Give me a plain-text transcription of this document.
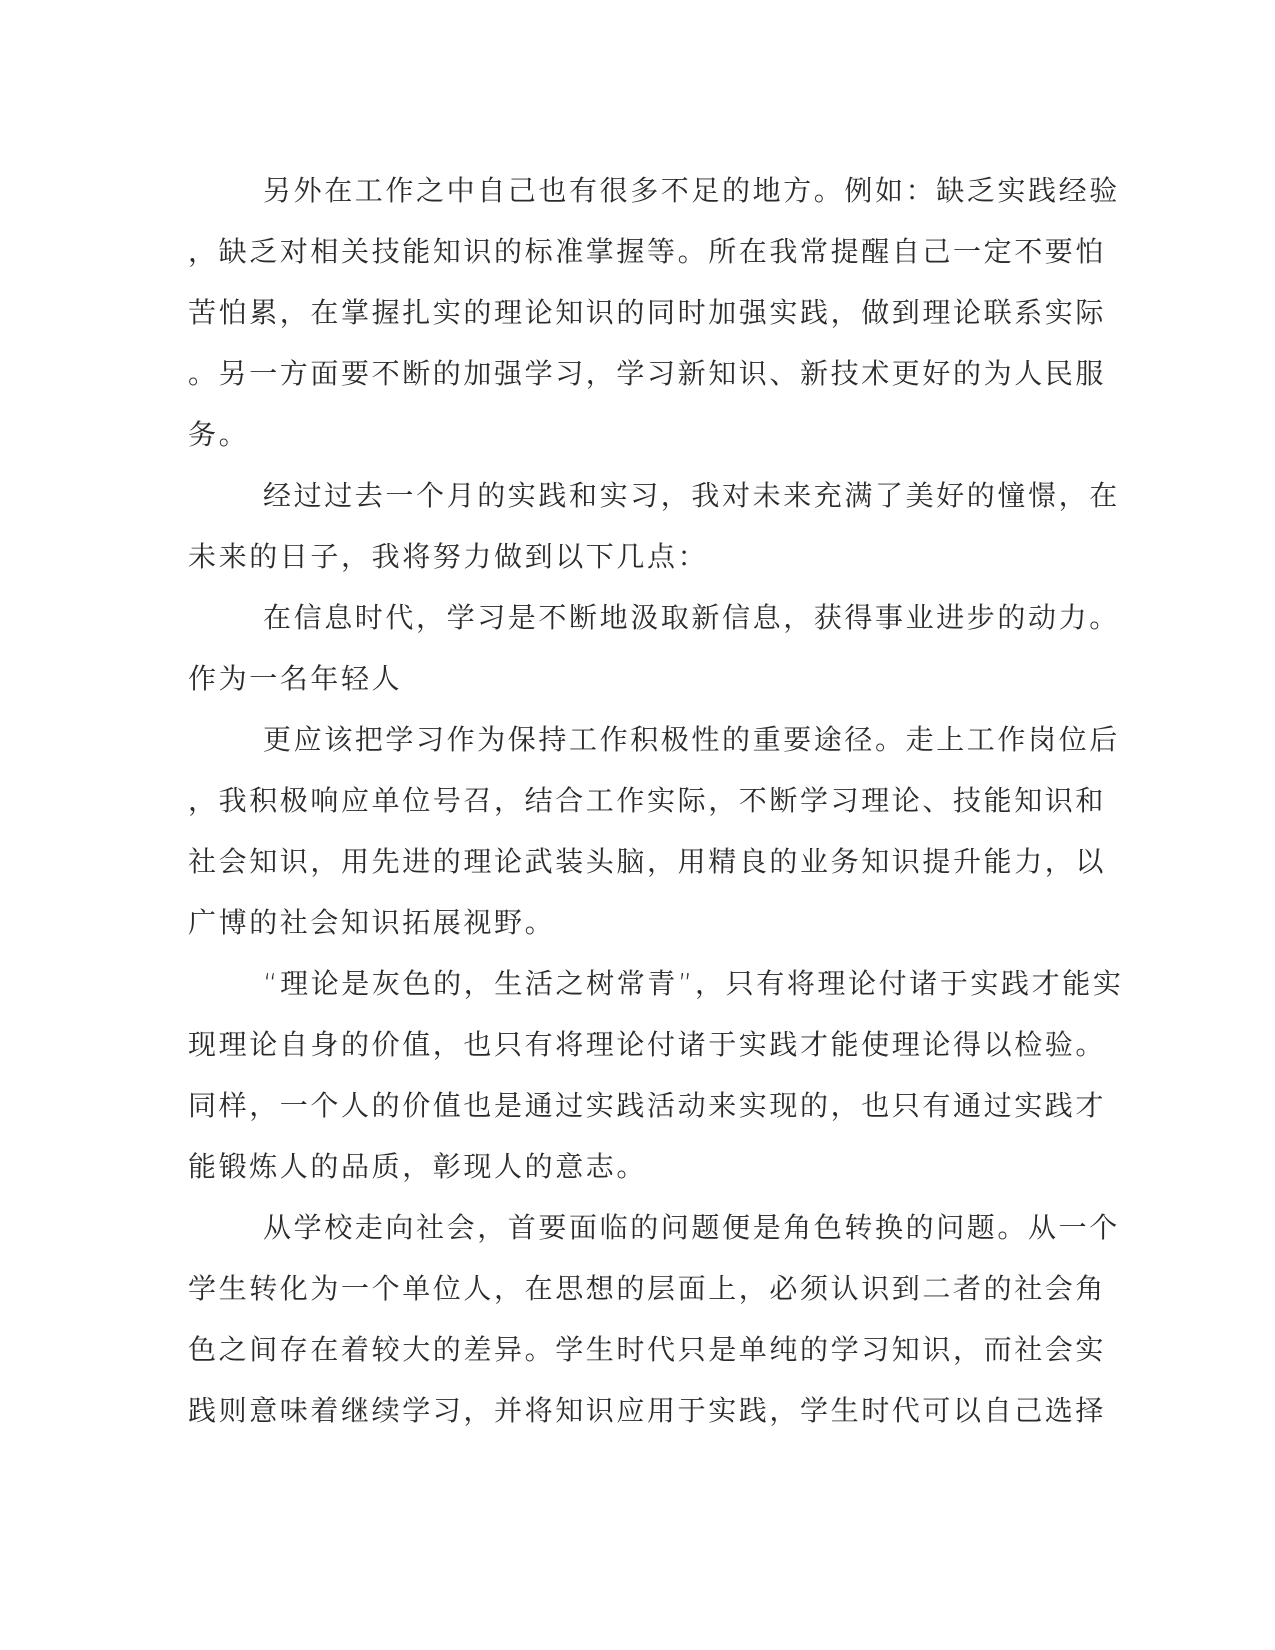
另外在工作之中自己也有很多不足的地方。例如：缺乏实践经验
，缺乏对相关技能知识的标准掌握等。所在我常提醒自己一定不要怕
苦怕累，在掌握扎实的理论知识的同时加强实践，做到理论联系实际
。另一方面要不断的加强学习，学习新知识、新技术更好的为人民服
务。
经过过去一个月的实践和实习，我对未来充满了美好的憧憬，在
未来的日子，我将努力做到以下几点：
在信息时代，学习是不断地汲取新信息，获得事业进步的动力。
作为一名年轻人
更应该把学习作为保持工作积极性的重要途径。走上工作岗位后
，我积极响应单位号召，结合工作实际，不断学习理论、技能知识和
社会知识，用先进的理论武装头脑，用精良的业务知识提升能力，以
广博的社会知识拓展视野。
“理论是灰色的，生活之树常青”，只有将理论付诸于实践才能实
现理论自身的价值，也只有将理论付诸于实践才能使理论得以检验。
同样，一个人的价值也是通过实践活动来实现的，也只有通过实践才
能锻炼人的品质，彰现人的意志。
从学校走向社会，首要面临的问题便是角色转换的问题。从一个
学生转化为一个单位人，在思想的层面上，必须认识到二者的社会角
色之间存在着较大的差异。学生时代只是单纯的学习知识，而社会实
践则意味着继续学习，并将知识应用于实践，学生时代可以自己选择
